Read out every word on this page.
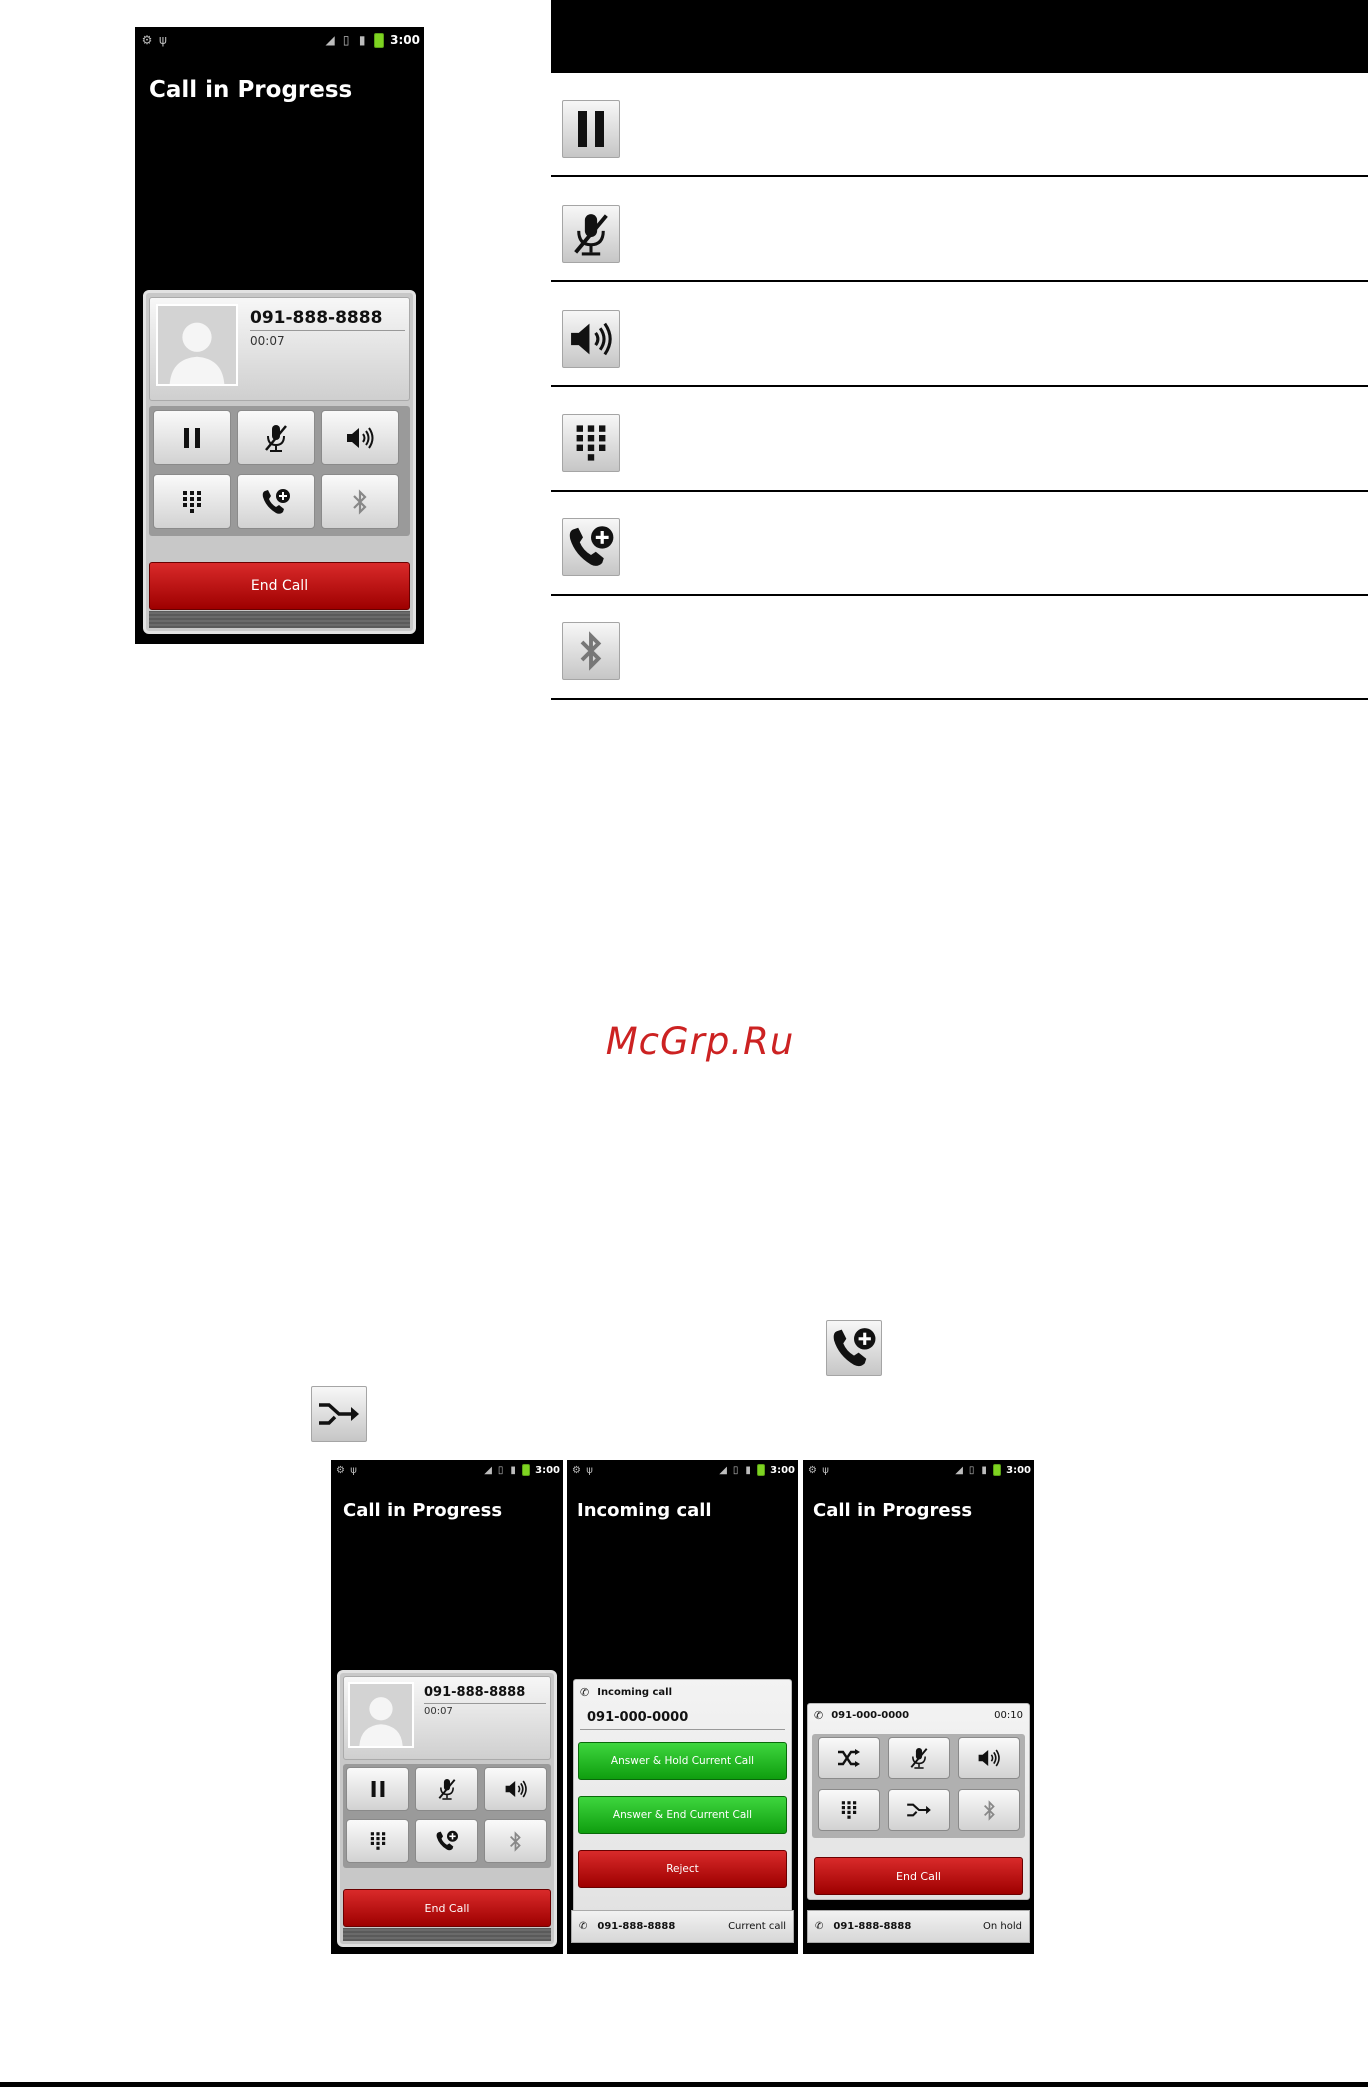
⚙ ψ	◢ ▯ ▮	3:00
Call in Progress
091-888-8888
00:07
End Call
McGrp.Ru
⚙ ψ	◢ ▯ ▮	3:00
Call in Progress
091-888-8888
00:07
End Call
⚙ ψ	◢ ▯ ▮	3:00
Incoming call
✆ Incoming call
091-000-0000
Answer & Hold Current Call
Answer & End Current Call
Reject
✆ 091-888-8888	Current call
⚙ ψ	◢ ▯ ▮	3:00
Call in Progress
✆ 091-000-0000	00:10
End Call
✆ 091-888-8888	On hold
